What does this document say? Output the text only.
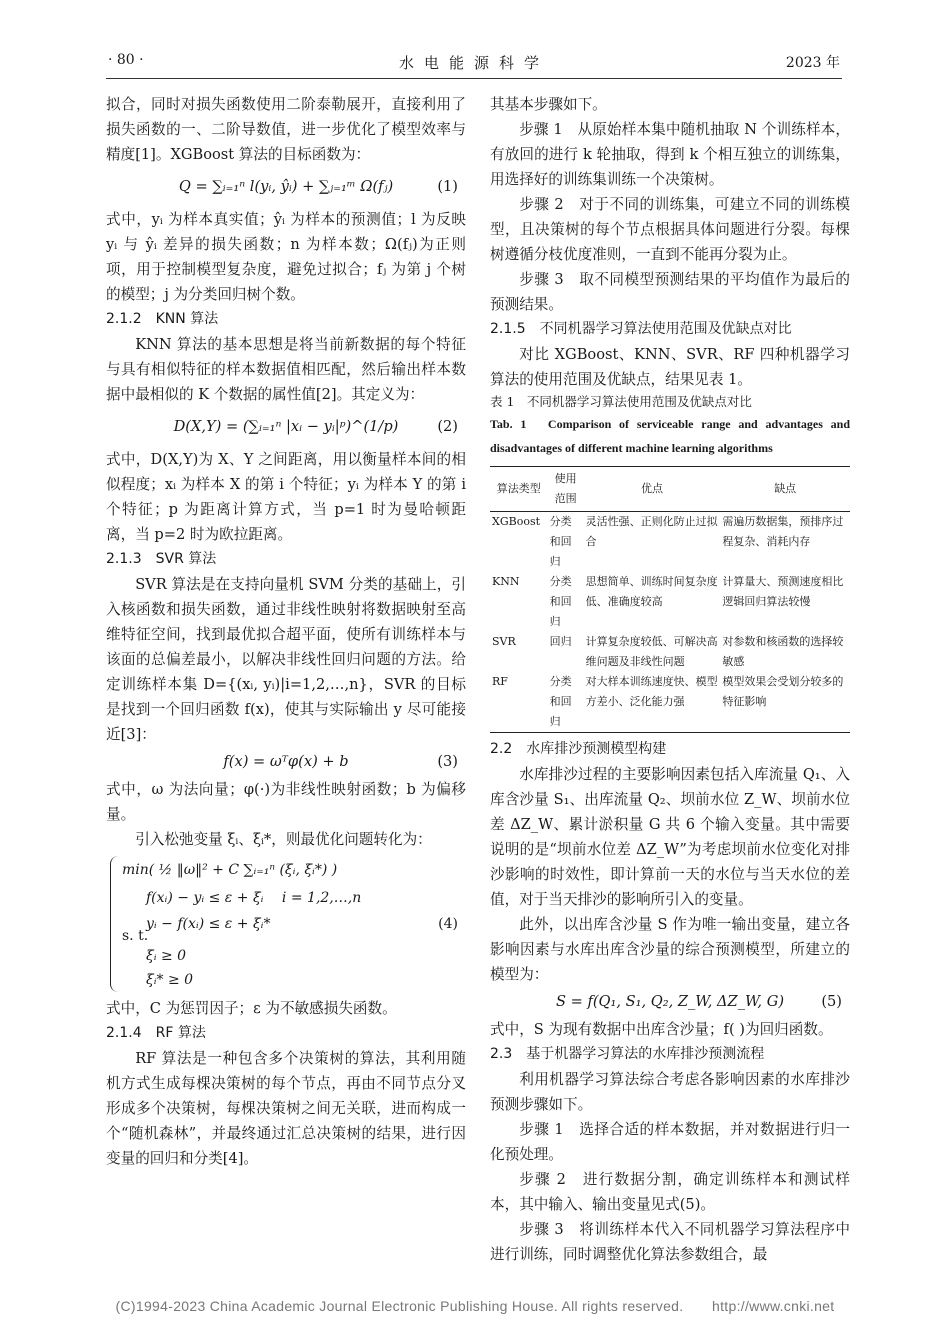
· 80 ·	水电能源科学	2023 年

拟合，同时对损失函数使用二阶泰勒展开，直接利用了损失函数的一、二阶导数值，进一步优化了模型效率与精度[1]。XGBoost 算法的目标函数为：

Q = ∑ᵢ₌₁ⁿ l(yᵢ, ŷᵢ) + ∑ⱼ₌₁ᵐ Ω(fⱼ)	(1)

式中，yᵢ 为样本真实值；ŷᵢ 为样本的预测值；l 为反映 yᵢ 与 ŷᵢ 差异的损失函数；n 为样本数；Ω(fⱼ)为正则项，用于控制模型复杂度，避免过拟合；fⱼ 为第 j 个树的模型；j 为分类回归树个数。

2.1.2　KNN 算法

KNN 算法的基本思想是将当前新数据的每个特征与具有相似特征的样本数据值相匹配，然后输出样本数据中最相似的 K 个数据的属性值[2]。其定义为：

D(X,Y) = (∑ᵢ₌₁ⁿ |xᵢ − yᵢ|ᵖ)^(1/p)	(2)

式中，D(X,Y)为 X、Y 之间距离，用以衡量样本间的相似程度；xᵢ 为样本 X 的第 i 个特征；yᵢ 为样本 Y 的第 i 个特征；p 为距离计算方式，当 p=1 时为曼哈顿距离，当 p=2 时为欧拉距离。

2.1.3　SVR 算法

SVR 算法是在支持向量机 SVM 分类的基础上，引入核函数和损失函数，通过非线性映射将数据映射至高维特征空间，找到最优拟合超平面，使所有训练样本与该面的总偏差最小，以解决非线性回归问题的方法。给定训练样本集 D={(xᵢ, yᵢ)|i=1,2,…,n}，SVR 的目标是找到一个回归函数 f(x)，使其与实际输出 y 尽可能接近[3]：

f(x) = ωᵀφ(x) + b	(3)

式中，ω 为法向量；φ(·)为非线性映射函数；b 为偏移量。

引入松弛变量 ξᵢ、ξᵢ*，则最优化问题转化为：

min( ½ ‖ω‖² + C ∑ᵢ₌₁ⁿ (ξᵢ, ξᵢ*) )
f(xᵢ) − yᵢ ≤ ε + ξᵢ　 i = 1,2,…,n
yᵢ − f(xᵢ) ≤ ε + ξᵢ*
s. t.
ξᵢ ≥ 0
ξᵢ* ≥ 0
(4)

式中，C 为惩罚因子；ε 为不敏感损失函数。

2.1.4　RF 算法

RF 算法是一种包含多个决策树的算法，其利用随机方式生成每棵决策树的每个节点，再由不同节点分叉形成多个决策树，每棵决策树之间无关联，进而构成一个“随机森林”，并最终通过汇总决策树的结果，进行因变量的回归和分类[4]。

其基本步骤如下。

步骤 1　从原始样本集中随机抽取 N 个训练样本，有放回的进行 k 轮抽取，得到 k 个相互独立的训练集，用选择好的训练集训练一个决策树。

步骤 2　对于不同的训练集，可建立不同的训练模型，且决策树的每个节点根据具体问题进行分裂。每棵树遵循分枝优度准则，一直到不能再分裂为止。

步骤 3　取不同模型预测结果的平均值作为最后的预测结果。

2.1.5　不同机器学习算法使用范围及优缺点对比

对比 XGBoost、KNN、SVR、RF 四种机器学习算法的使用范围及优缺点，结果见表 1。

表 1　不同机器学习算法使用范围及优缺点对比

Tab. 1　Comparison of serviceable range and advantages and disadvantages of different machine learning algorithms

算法类型	使用范围	优点	缺点
XGBoost	分类和回归	灵活性强、正则化防止过拟合	需遍历数据集，预排序过程复杂、消耗内存
KNN	分类和回归	思想简单、训练时间复杂度低、准确度较高	计算量大、预测速度相比逻辑回归算法较慢
SVR	回归	计算复杂度较低、可解决高维问题及非线性问题	对参数和核函数的选择较敏感
RF	分类和回归	对大样本训练速度快、模型方差小、泛化能力强	模型效果会受划分较多的特征影响

2.2　水库排沙预测模型构建

水库排沙过程的主要影响因素包括入库流量 Q₁、入库含沙量 S₁、出库流量 Q₂、坝前水位 Z_W、坝前水位差 ΔZ_W、累计淤积量 G 共 6 个输入变量。其中需要说明的是“坝前水位差 ΔZ_W”为考虑坝前水位变化对排沙影响的时效性，即计算前一天的水位与当天水位的差值，对于当天排沙的影响所引入的变量。

此外，以出库含沙量 S 作为唯一输出变量，建立各影响因素与水库出库含沙量的综合预测模型，所建立的模型为：

S = f(Q₁, S₁, Q₂, Z_W, ΔZ_W, G)	(5)

式中，S 为现有数据中出库含沙量；f( )为回归函数。

2.3　基于机器学习算法的水库排沙预测流程

利用机器学习算法综合考虑各影响因素的水库排沙预测步骤如下。

步骤 1　选择合适的样本数据，并对数据进行归一化预处理。

步骤 2　进行数据分割，确定训练样本和测试样本，其中输入、输出变量见式(5)。

步骤 3　将训练样本代入不同机器学习算法程序中进行训练，同时调整优化算法参数组合，最

(C)1994-2023 China Academic Journal Electronic Publishing House. All rights reserved.　　http://www.cnki.net
